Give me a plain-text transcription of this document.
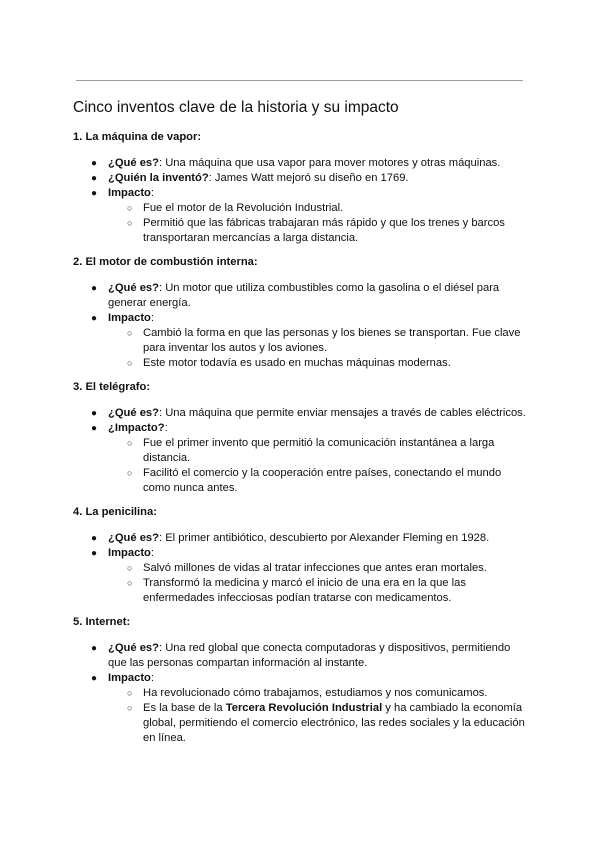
Cinco inventos clave de la historia y su impacto
1. La máquina de vapor:
● ¿Qué es?: Una máquina que usa vapor para mover motores y otras máquinas.
● ¿Quién la inventó?: James Watt mejoró su diseño en 1769.
● Impacto:
○ Fue el motor de la Revolución Industrial.
○ Permitió que las fábricas trabajaran más rápido y que los trenes y barcos transportaran mercancías a larga distancia.
2. El motor de combustión interna:
● ¿Qué es?: Un motor que utiliza combustibles como la gasolina o el diésel para generar energía.
● Impacto:
○ Cambió la forma en que las personas y los bienes se transportan. Fue clave para inventar los autos y los aviones.
○ Este motor todavía es usado en muchas máquinas modernas.
3. El telégrafo:
● ¿Qué es?: Una máquina que permite enviar mensajes a través de cables eléctricos.
● ¿Impacto?:
○ Fue el primer invento que permitió la comunicación instantánea a larga distancia.
○ Facilitó el comercio y la cooperación entre países, conectando el mundo como nunca antes.
4. La penicilina:
● ¿Qué es?: El primer antibiótico, descubierto por Alexander Fleming en 1928.
● Impacto:
○ Salvó millones de vidas al tratar infecciones que antes eran mortales.
○ Transformó la medicina y marcó el inicio de una era en la que las enfermedades infecciosas podían tratarse con medicamentos.
5. Internet:
● ¿Qué es?: Una red global que conecta computadoras y dispositivos, permitiendo que las personas compartan información al instante.
● Impacto:
○ Ha revolucionado cómo trabajamos, estudiamos y nos comunicamos.
○ Es la base de la Tercera Revolución Industrial y ha cambiado la economía global, permitiendo el comercio electrónico, las redes sociales y la educación en línea.
